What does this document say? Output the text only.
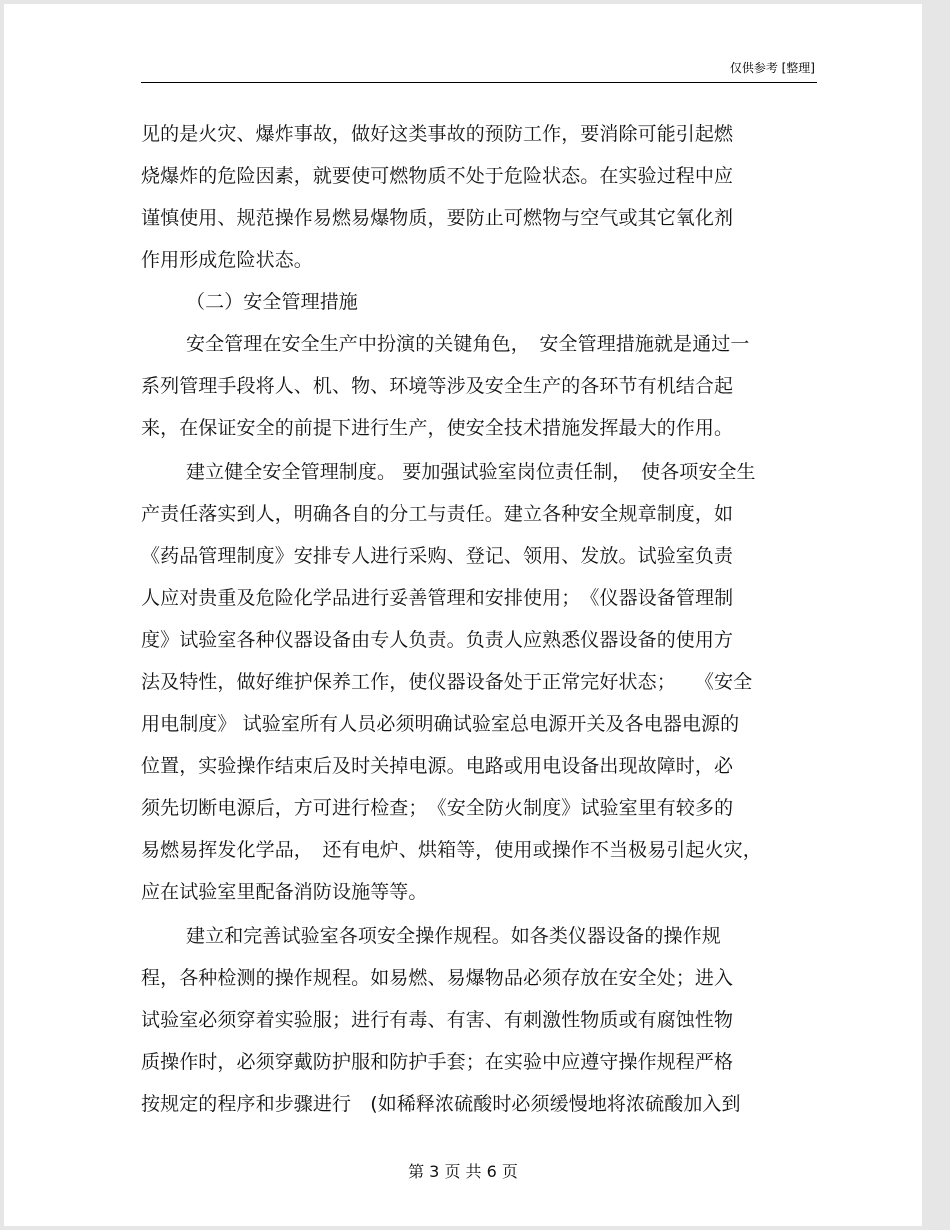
仅供参考 [整理]
见的是火灾、爆炸事故，做好这类事故的预防工作，要消除可能引起燃
烧爆炸的危险因素，就要使可燃物质不处于危险状态。在实验过程中应
谨慎使用、规范操作易燃易爆物质，要防止可燃物与空气或其它氧化剂
作用形成危险状态。
（二）安全管理措施
安全管理在安全生产中扮演的关键角色，　安全管理措施就是通过一
系列管理手段将人、机、物、环境等涉及安全生产的各环节有机结合起
来，在保证安全的前提下进行生产，使安全技术措施发挥最大的作用。
建立健全安全管理制度。 要加强试验室岗位责任制，　使各项安全生
产责任落实到人，明确各自的分工与责任。建立各种安全规章制度，如
《药品管理制度》安排专人进行采购、登记、领用、发放。试验室负责
人应对贵重及危险化学品进行妥善管理和安排使用；　《仪器设备管理制
度》试验室各种仪器设备由专人负责。负责人应熟悉仪器设备的使用方
法及特性，做好维护保养工作，使仪器设备处于正常完好状态；　　《安全
用电制度》 试验室所有人员必须明确试验室总电源开关及各电器电源的
位置，实验操作结束后及时关掉电源。电路或用电设备出现故障时，必
须先切断电源后，方可进行检查；　《安全防火制度》试验室里有较多的
易燃易挥发化学品，　还有电炉、烘箱等，使用或操作不当极易引起火灾，
应在试验室里配备消防设施等等。
建立和完善试验室各项安全操作规程。如各类仪器设备的操作规
程，各种检测的操作规程。如易燃、易爆物品必须存放在安全处；进入
试验室必须穿着实验服；进行有毒、有害、有刺激性物质或有腐蚀性物
质操作时，必须穿戴防护服和防护手套；在实验中应遵守操作规程严格
按规定的程序和步骤进行　(如稀释浓硫酸时必须缓慢地将浓硫酸加入到
第 3 页 共 6 页
